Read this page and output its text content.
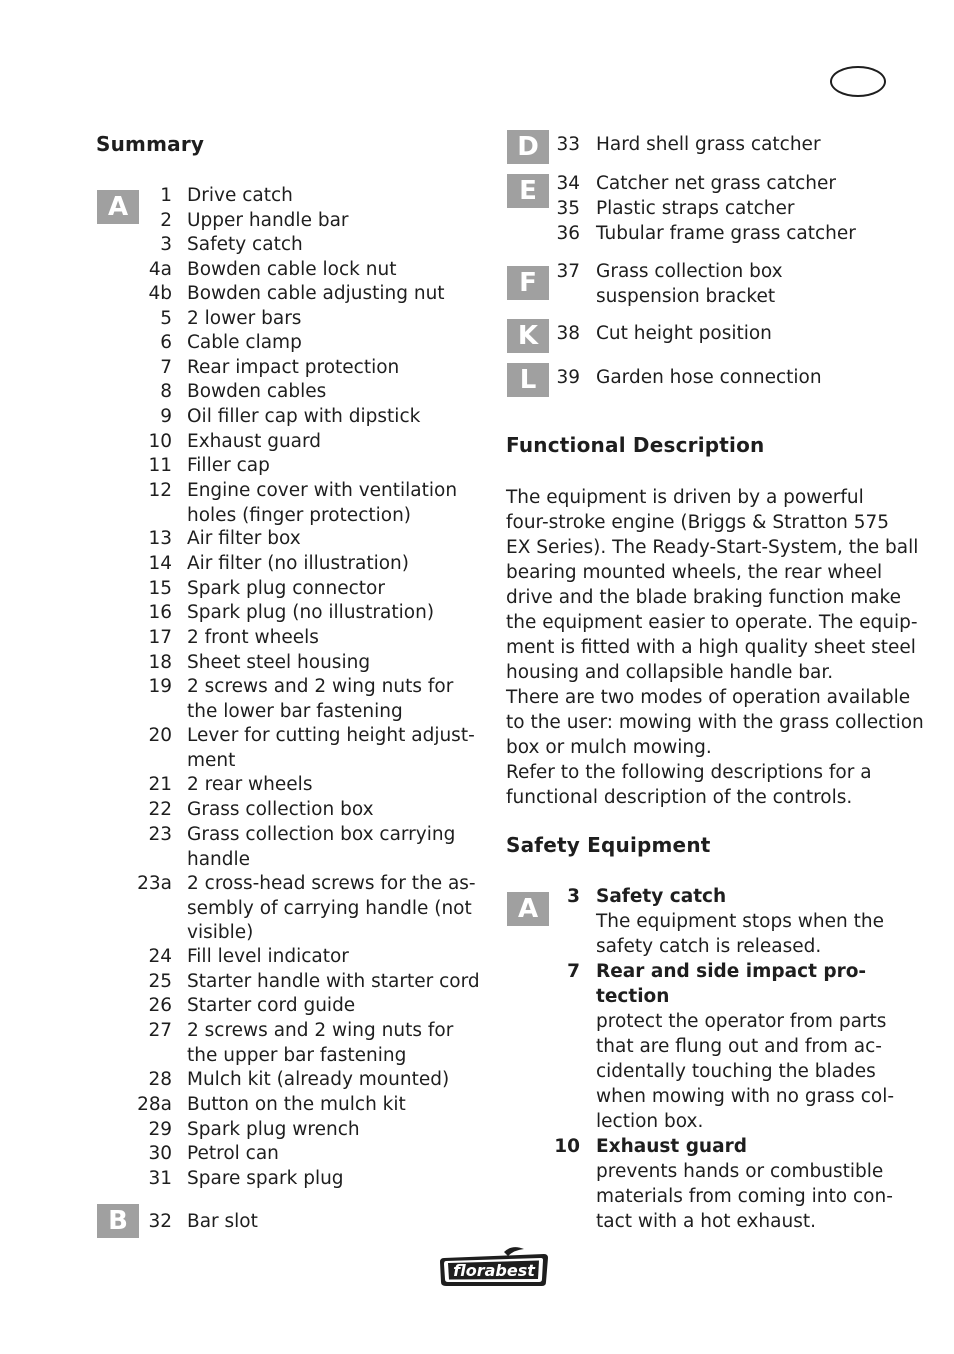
Summary
A
B
1 Drive catch
2 Upper handle bar
3 Safety catch
4a Bowden cable lock nut
4b Bowden cable adjusting nut
5 2 lower bars
6 Cable clamp
7 Rear impact protection
8 Bowden cables
9 Oil filler cap with dipstick
10 Exhaust guard
11 Filler cap
12 Engine cover with ventilation holes (finger protection)
13 Air filter box
14 Air filter (no illustration)
15 Spark plug connector
16 Spark plug (no illustration)
17 2 front wheels
18 Sheet steel housing
19 2 screws and 2 wing nuts for the lower bar fastening
20 Lever for cutting height adjust-ment
21 2 rear wheels
22 Grass collection box
23 Grass collection box carrying handle
23a 2 cross-head screws for the as-sembly of carrying handle (not visible)
24 Fill level indicator
25 Starter handle with starter cord
26 Starter cord guide
27 2 screws and 2 wing nuts for the upper bar fastening
28 Mulch kit (already mounted)
28a Button on the mulch kit
29 Spark plug wrench
30 Petrol can
31 Spare spark plug
32 Bar slot
D
E
F
K
L
33 Hard shell grass catcher
34 Catcher net grass catcher
35 Plastic straps catcher
36 Tubular frame grass catcher
37 Grass collection box suspension bracket
38 Cut height position
39 Garden hose connection
Functional Description
The equipment is driven by a powerful
four-stroke engine (Briggs & Stratton 575
EX Series). The Ready-Start-System, the ball
bearing mounted wheels, the rear wheel
drive and the blade braking function make
the equipment easier to operate. The equip-
ment is fitted with a high quality sheet steel
housing and collapsible handle bar.
There are two modes of operation available
to the user: mowing with the grass collection
box or mulch mowing.
Refer to the following descriptions for a
functional description of the controls.
Safety Equipment
A	3 Safety catch
The equipment stops when the
safety catch is released.
7 Rear and side impact pro-
tection
protect the operator from parts
that are flung out and from ac-
cidentally touching the blades
when mowing with no grass col-
lection box.
10 Exhaust guard
prevents hands or combustible
materials from coming into con-
tact with a hot exhaust.
florabest
